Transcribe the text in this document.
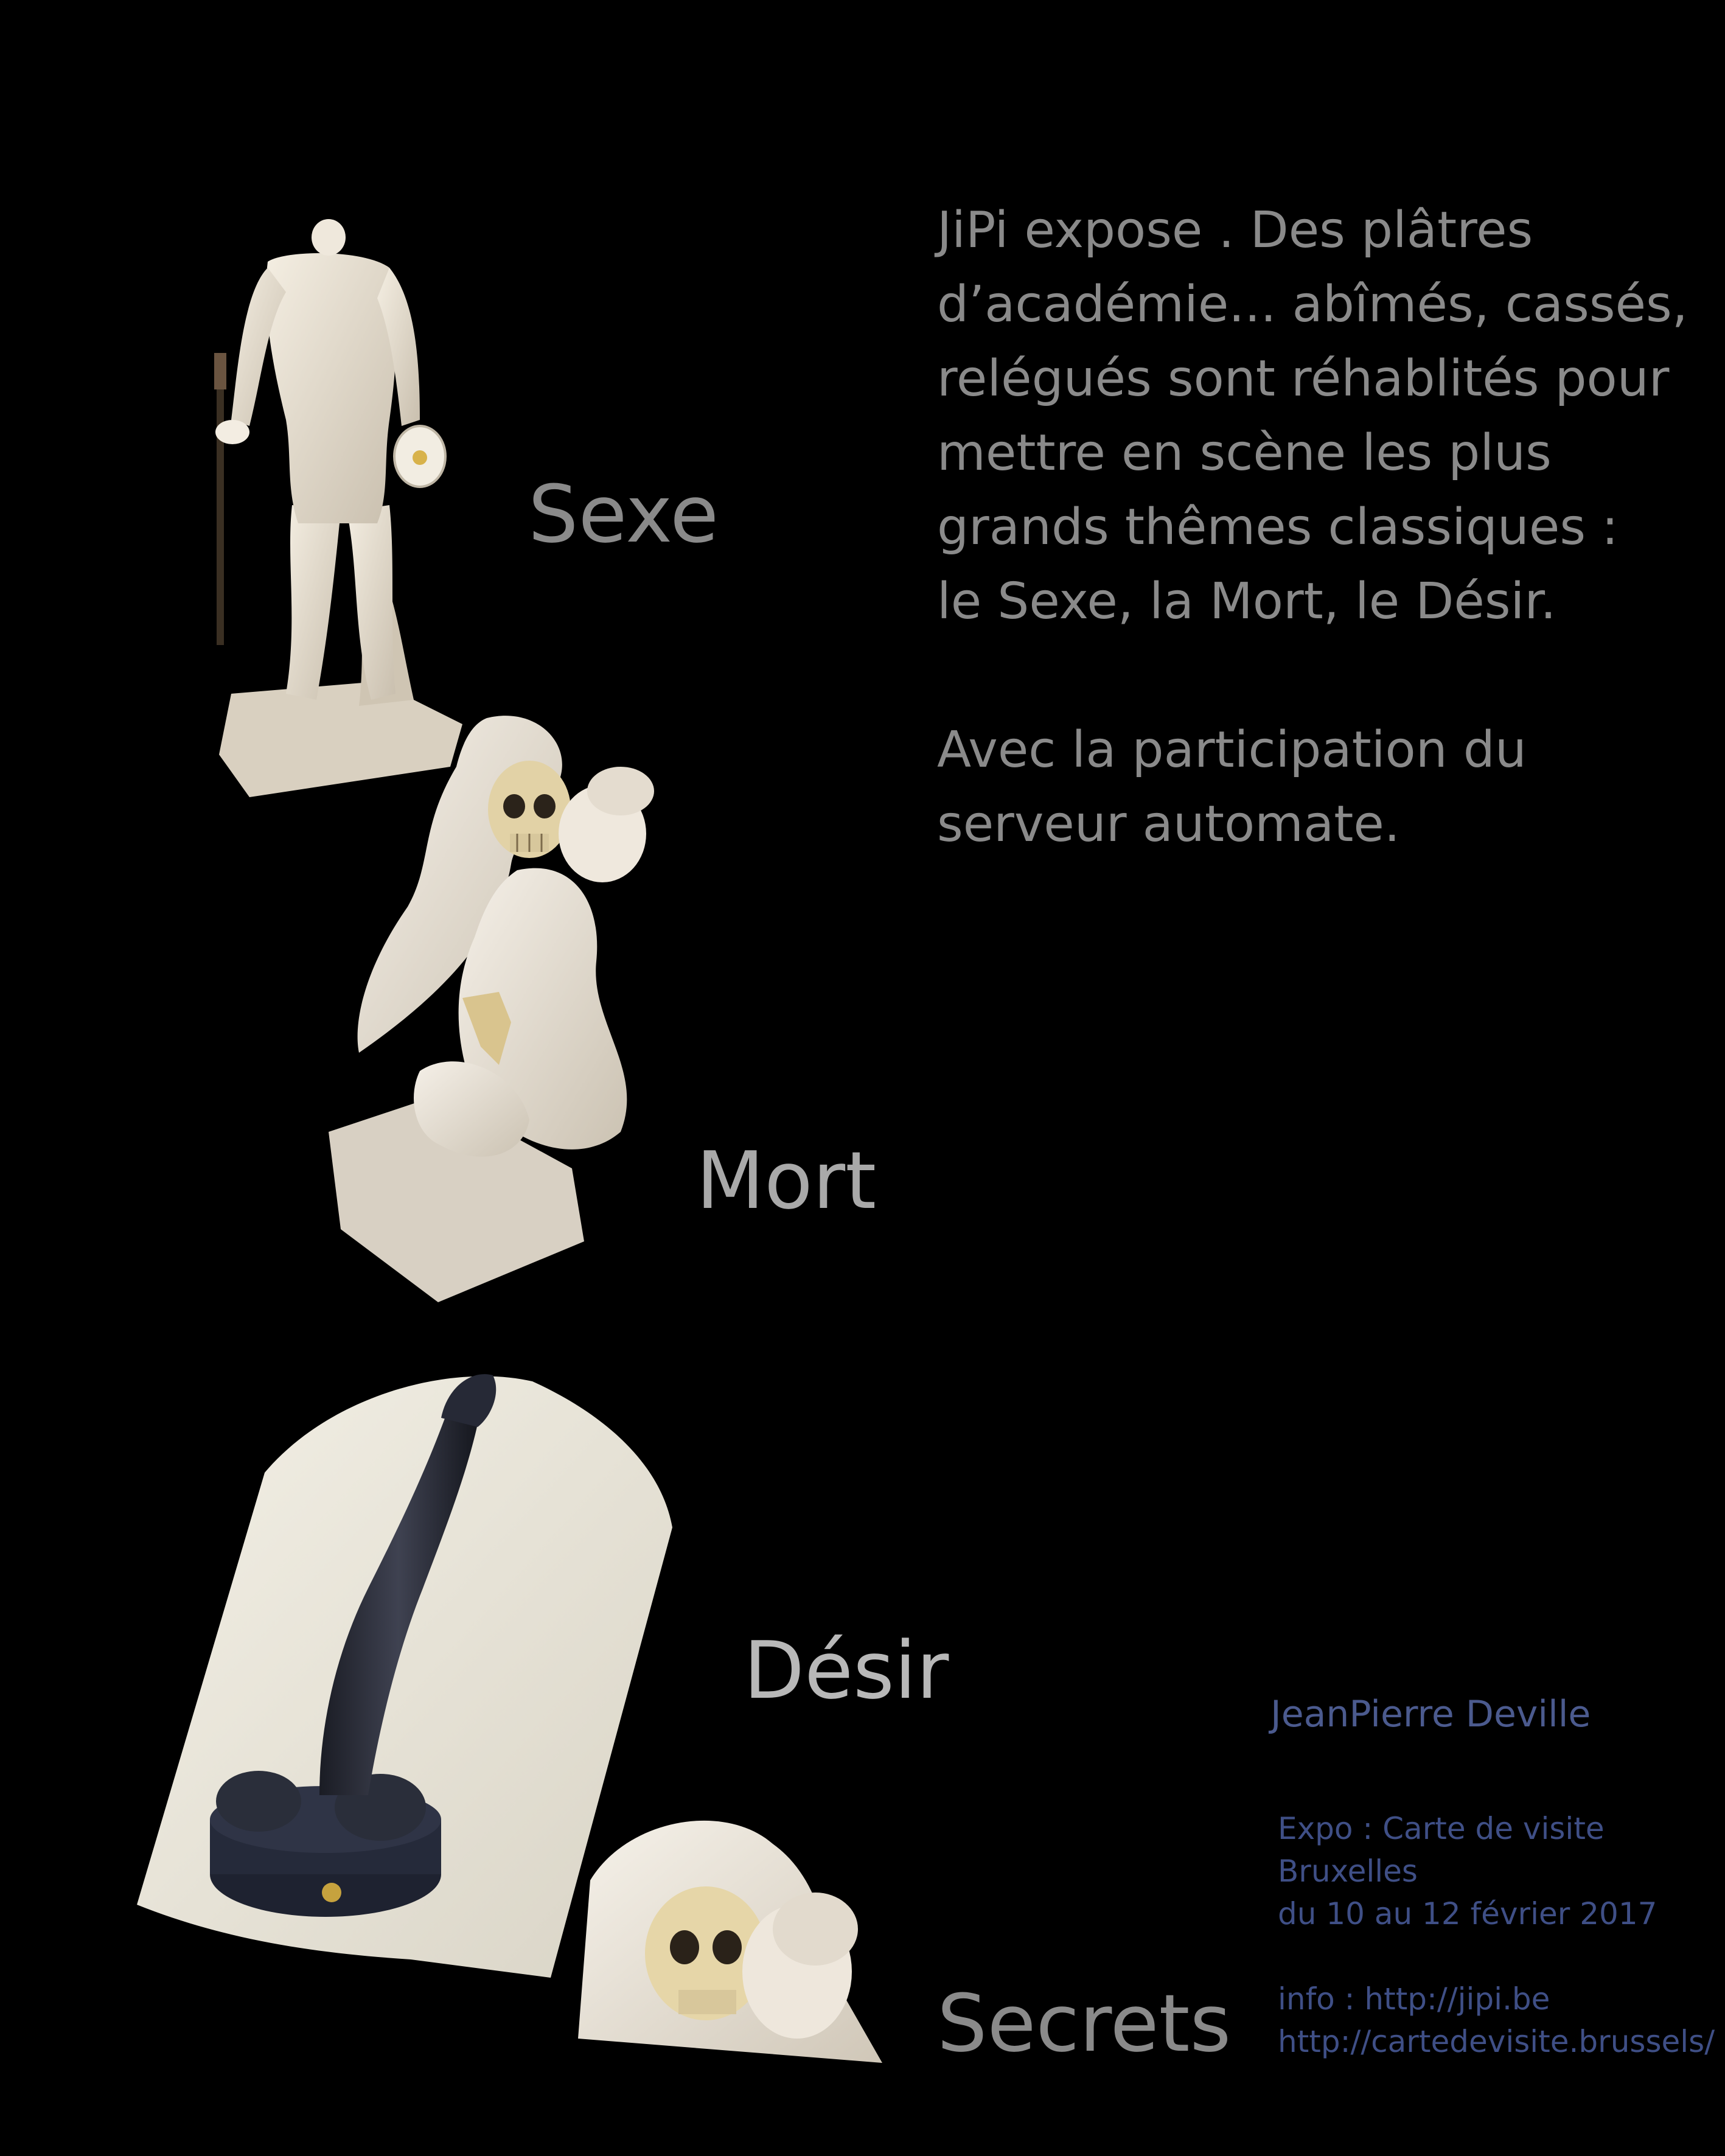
JiPi expose . Des plâtres
d’académie... abîmés, cassés,
relégués sont réhablités pour
mettre en scène les plus
grands thêmes classiques :
le Sexe, la Mort, le Désir.
Avec la participation du
serveur automate.
Sexe
Mort
Désir
Secrets
JeanPierre Deville
Expo : Carte de visite
Bruxelles
du 10 au 12 février 2017
info : http://jipi.be
http://cartedevisite.brussels/
